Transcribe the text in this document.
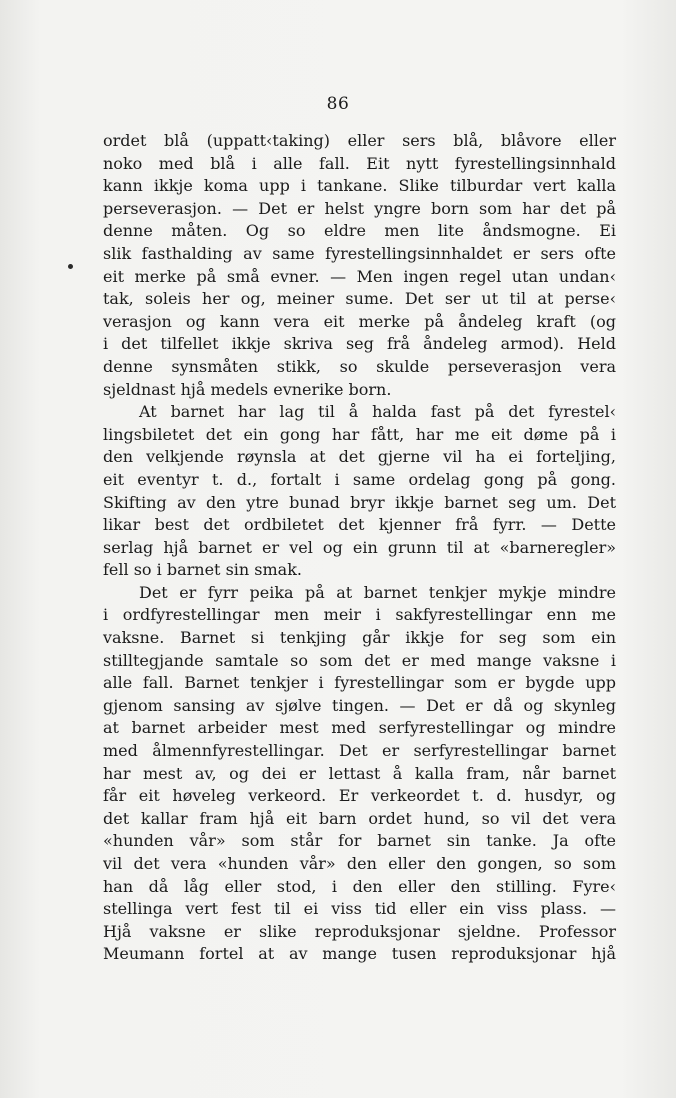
86
ordet blå (uppatt‹taking) eller sers blå, blåvore eller
noko med blå i alle fall. Eit nytt fyrestellingsinnhald
kann ikkje koma upp i tankane. Slike tilburdar vert kalla
perseverasjon. — Det er helst yngre born som har det på
denne måten. Og so eldre men lite åndsmogne. Ei
slik fasthalding av same fyrestellingsinnhaldet er sers ofte
eit merke på små evner. — Men ingen regel utan undan‹
tak, soleis her og, meiner sume. Det ser ut til at perse‹
verasjon og kann vera eit merke på åndeleg kraft (og
i det tilfellet ikkje skriva seg frå åndeleg armod). Held
denne synsmåten stikk, so skulde perseverasjon vera
sjeldnast hjå medels evnerike born.
At barnet har lag til å halda fast på det fyrestel‹
lingsbiletet det ein gong har fått, har me eit døme på i
den velkjende røynsla at det gjerne vil ha ei forteljing,
eit eventyr t. d., fortalt i same ordelag gong på gong.
Skifting av den ytre bunad bryr ikkje barnet seg um. Det
likar best det ordbiletet det kjenner frå fyrr. — Dette
serlag hjå barnet er vel og ein grunn til at «barneregler»
fell so i barnet sin smak.
Det er fyrr peika på at barnet tenkjer mykje mindre
i ordfyrestellingar men meir i sakfyrestellingar enn me
vaksne. Barnet si tenkjing går ikkje for seg som ein
stilltegjande samtale so som det er med mange vaksne i
alle fall. Barnet tenkjer i fyrestellingar som er bygde upp
gjenom sansing av sjølve tingen. — Det er då og skynleg
at barnet arbeider mest med serfyrestellingar og mindre
med ålmennfyrestellingar. Det er serfyrestellingar barnet
har mest av, og dei er lettast å kalla fram, når barnet
får eit høveleg verkeord. Er verkeordet t. d. husdyr, og
det kallar fram hjå eit barn ordet hund, so vil det vera
«hunden vår» som står for barnet sin tanke. Ja ofte
vil det vera «hunden vår» den eller den gongen, so som
han då låg eller stod, i den eller den stilling. Fyre‹
stellinga vert fest til ei viss tid eller ein viss plass. —
Hjå vaksne er slike reproduksjonar sjeldne. Professor
Meumann fortel at av mange tusen reproduksjonar hjå
